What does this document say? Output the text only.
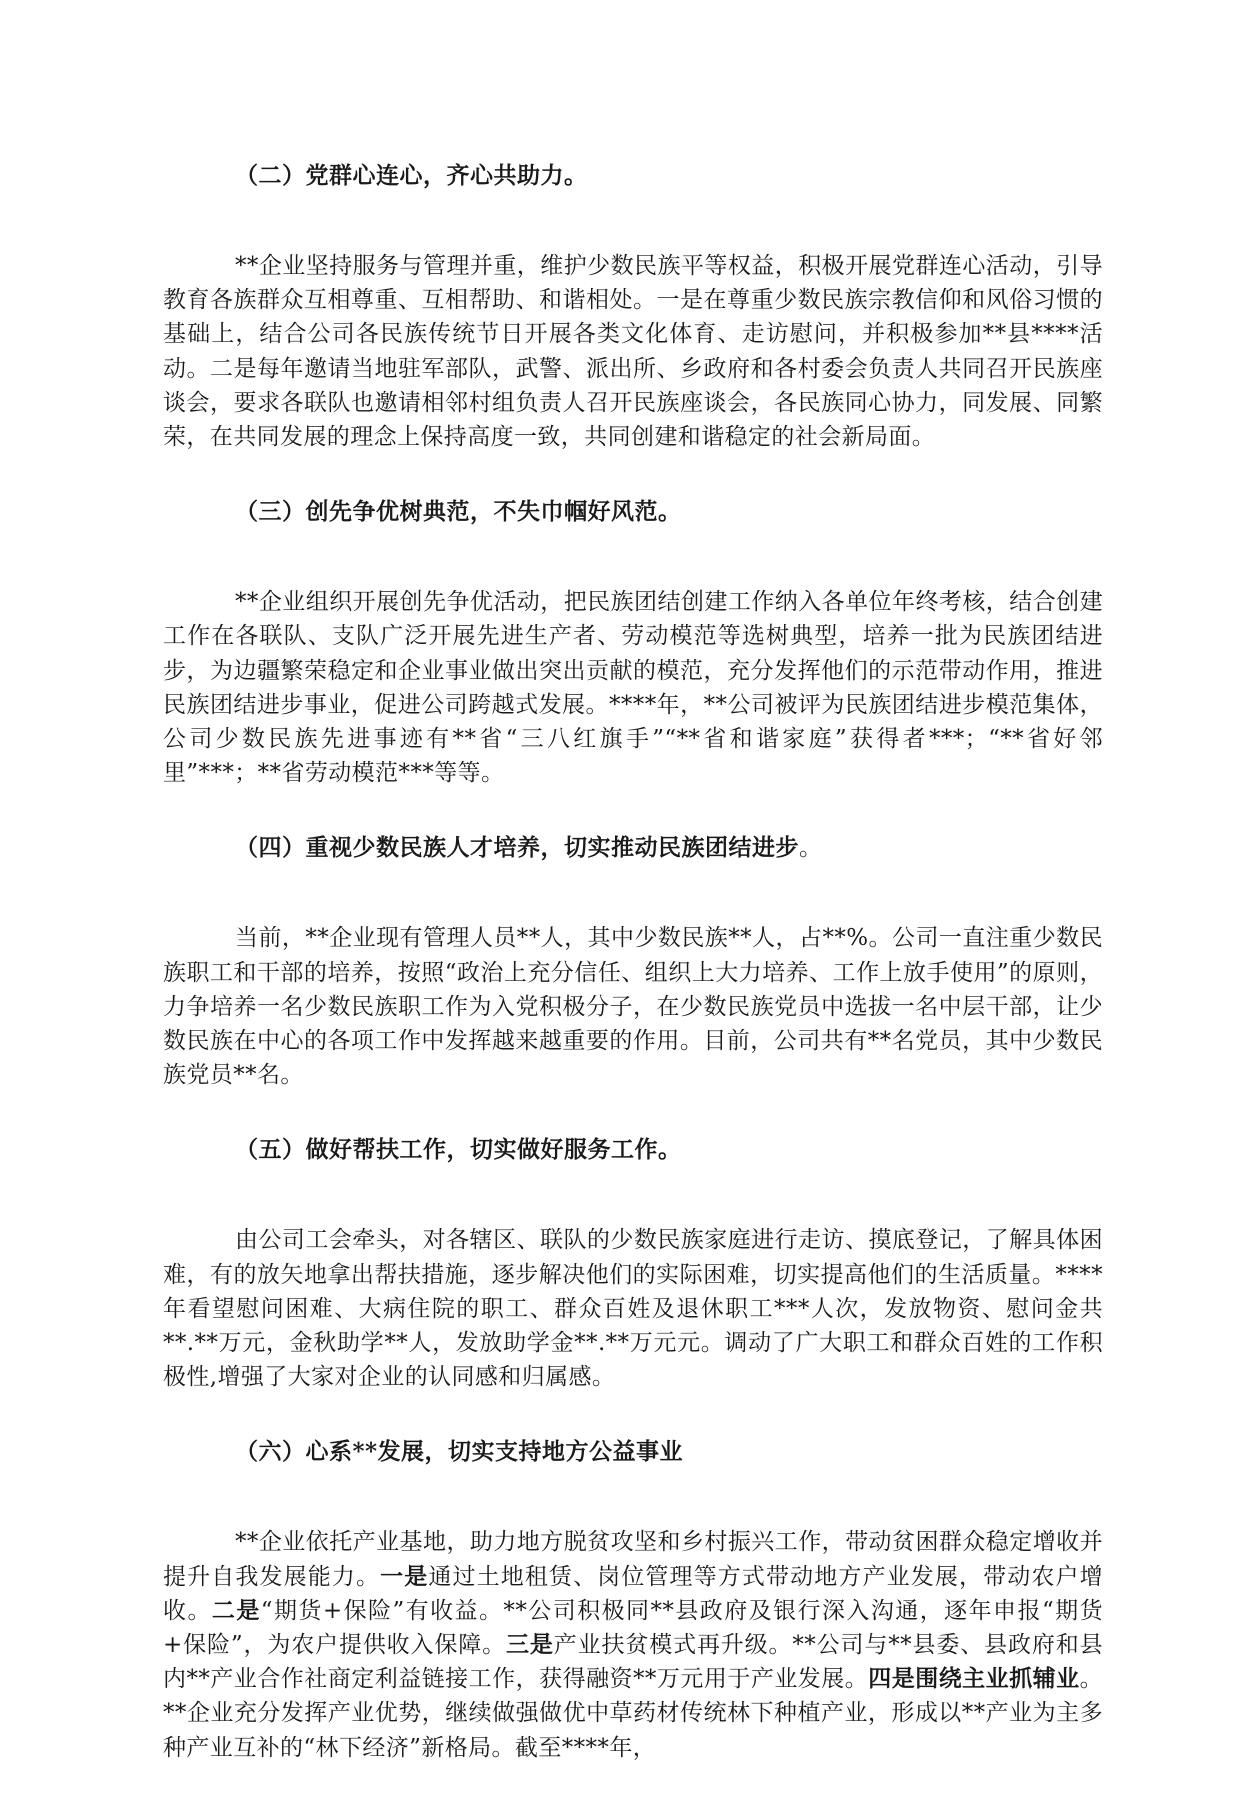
（二）党群心连心，齐心共助力。

**企业坚持服务与管理并重，维护少数民族平等权益，积极开展党群连心活动，引导教育各族群众互相尊重、互相帮助、和谐相处。一是在尊重少数民族宗教信仰和风俗习惯的基础上，结合公司各民族传统节日开展各类文化体育、走访慰问，并积极参加**县****活动。二是每年邀请当地驻军部队，武警、派出所、乡政府和各村委会负责人共同召开民族座谈会，要求各联队也邀请相邻村组负责人召开民族座谈会，各民族同心协力，同发展、同繁荣，在共同发展的理念上保持高度一致，共同创建和谐稳定的社会新局面。

（三）创先争优树典范，不失巾帼好风范。

**企业组织开展创先争优活动，把民族团结创建工作纳入各单位年终考核，结合创建工作在各联队、支队广泛开展先进生产者、劳动模范等选树典型，培养一批为民族团结进步，为边疆繁荣稳定和企业事业做出突出贡献的模范，充分发挥他们的示范带动作用，推进民族团结进步事业，促进公司跨越式发展。****年，**公司被评为民族团结进步模范集体，公司少数民族先进事迹有**省“三八红旗手”“**省和谐家庭”获得者***；“**省好邻里”***；**省劳动模范***等等。

（四）重视少数民族人才培养，切实推动民族团结进步。

当前，**企业现有管理人员**人，其中少数民族**人，占**%。公司一直注重少数民族职工和干部的培养，按照“政治上充分信任、组织上大力培养、工作上放手使用”的原则，力争培养一名少数民族职工作为入党积极分子，在少数民族党员中选拔一名中层干部，让少数民族在中心的各项工作中发挥越来越重要的作用。目前，公司共有**名党员，其中少数民族党员**名。

（五）做好帮扶工作，切实做好服务工作。

由公司工会牵头，对各辖区、联队的少数民族家庭进行走访、摸底登记，了解具体困难，有的放矢地拿出帮扶措施，逐步解决他们的实际困难，切实提高他们的生活质量。****年看望慰问困难、大病住院的职工、群众百姓及退休职工***人次，发放物资、慰问金共**.**万元，金秋助学**人，发放助学金**.**万元元。调动了广大职工和群众百姓的工作积极性,增强了大家对企业的认同感和归属感。

（六）心系**发展，切实支持地方公益事业

**企业依托产业基地，助力地方脱贫攻坚和乡村振兴工作，带动贫困群众稳定增收并提升自我发展能力。一是通过土地租赁、岗位管理等方式带动地方产业发展，带动农户增收。二是“期货+保险”有收益。**公司积极同**县政府及银行深入沟通，逐年申报“期货+保险”，为农户提供收入保障。三是产业扶贫模式再升级。**公司与**县委、县政府和县内**产业合作社商定利益链接工作，获得融资**万元用于产业发展。四是围绕主业抓辅业。**企业充分发挥产业优势，继续做强做优中草药材传统林下种植产业，形成以**产业为主多种产业互补的“林下经济”新格局。截至****年，
